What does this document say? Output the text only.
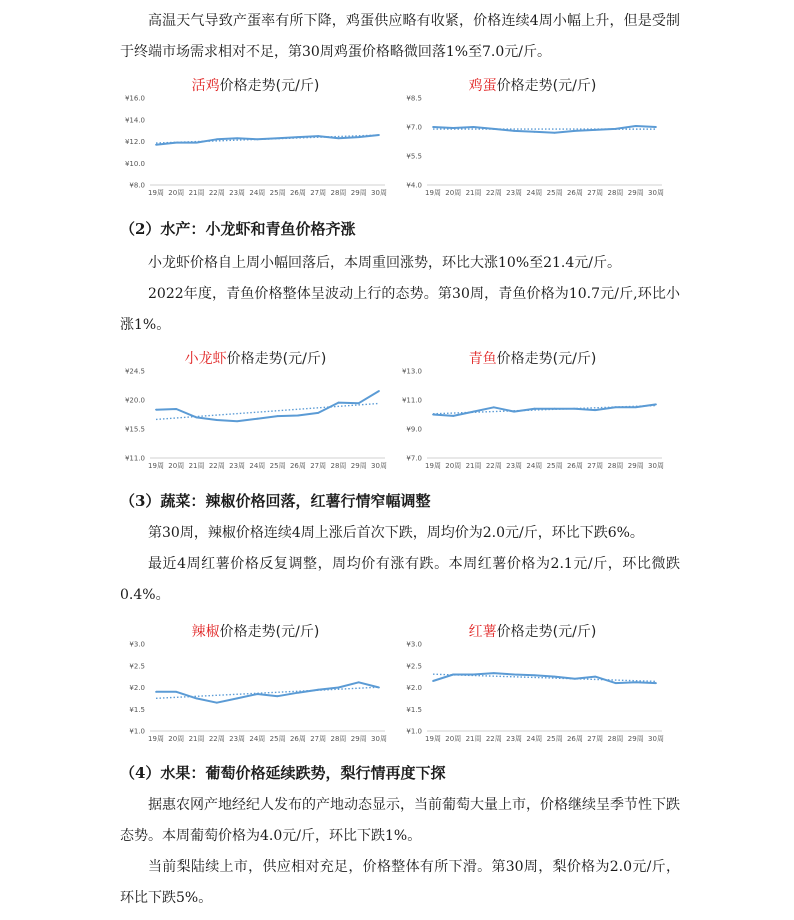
高温天气导致产蛋率有所下降，鸡蛋供应略有收紧，价格连续4周小幅上升，但是受制于终端市场需求相对不足，第30周鸡蛋价格略微回落1%至7.0元/斤。

活鸡价格走势(元/斤)
¥8.0
¥10.0
¥12.0
¥14.0
¥16.0
19周 20周 21周 22周 23周 24周 25周 26周 27周 28周 29周 30周
鸡蛋价格走势(元/斤)
¥4.0
¥5.5
¥7.0
¥8.5
19周 20周 21周 22周 23周 24周 25周 26周 27周 28周 29周 30周

（2）水产：小龙虾和青鱼价格齐涨

小龙虾价格自上周小幅回落后，本周重回涨势，环比大涨10%至21.4元/斤。

2022年度，青鱼价格整体呈波动上行的态势。第30周，青鱼价格为10.7元/斤,环比小涨1%。

小龙虾价格走势(元/斤)
¥11.0
¥15.5
¥20.0
¥24.5
19周 20周 21周 22周 23周 24周 25周 26周 27周 28周 29周 30周
青鱼价格走势(元/斤)
¥7.0
¥9.0
¥11.0
¥13.0
19周 20周 21周 22周 23周 24周 25周 26周 27周 28周 29周 30周

（3）蔬菜：辣椒价格回落，红薯行情窄幅调整

第30周，辣椒价格连续4周上涨后首次下跌，周均价为2.0元/斤，环比下跌6%。

最近4周红薯价格反复调整，周均价有涨有跌。本周红薯价格为2.1元/斤，环比微跌0.4%。

辣椒价格走势(元/斤)
¥1.0
¥1.5
¥2.0
¥2.5
¥3.0
19周 20周 21周 22周 23周 24周 25周 26周 27周 28周 29周 30周
红薯价格走势(元/斤)
¥1.0
¥1.5
¥2.0
¥2.5
¥3.0
19周 20周 21周 22周 23周 24周 25周 26周 27周 28周 29周 30周

（4）水果：葡萄价格延续跌势，梨行情再度下探

据惠农网产地经纪人发布的产地动态显示，当前葡萄大量上市，价格继续呈季节性下跌态势。本周葡萄价格为4.0元/斤，环比下跌1%。

当前梨陆续上市，供应相对充足，价格整体有所下滑。第30周，梨价格为2.0元/斤，环比下跌5%。
